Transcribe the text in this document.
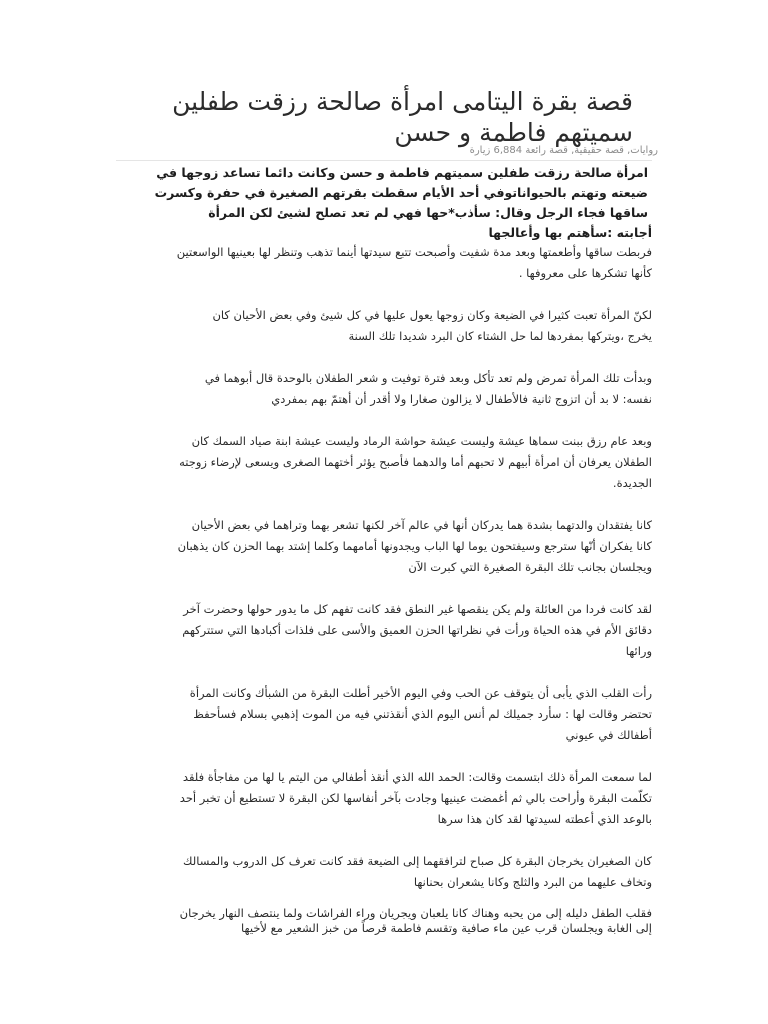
قصة بقرة اليتامى امرأة صالحة رزقت طفلين
سميتهم فاطمة و حسن
روايات, قصة حقيقية, قصة رائعة 6,884 زيارة
امرأة صالحة رزقت طفلين سميتهم فاطمة و حسن وكانت دائما تساعد زوجها في
ضيعته وتهتم بالحيواناتوفي أحد الأيام سقطت بقرتهم الصغيرة في حفرة وكسرت
ساقها فجاء الرجل وقال: سأذب*حها فهي لم تعد تصلح لشيئ لكن المرأة
أجابته :سأهتم بها وأعالجها
فربطت ساقها وأطعمتها وبعد مدة شفيت وأصبحت تتبع سيدتها أينما تذهب وتنظر لها بعينيها الواسعتين
كأنها تشكرها على معروفها .
لكنّ المرأة تعبت كثيرا في الضيعة وكان زوجها يعول عليها في كل شيئ وفي بعض الأحيان كان
يخرج ،ويتركها بمفردها لما حل الشتاء كان البرد شديدا تلك السنة
وبدأت تلك المرأة تمرض ولم تعد تأكل وبعد فترة توفيت و شعر الطفلان بالوحدة قال أبوهما في
نفسه: لا بد أن اتزوج ثانية فالأطفال لا يزالون صغارا ولا أقدر أن أهتمّ بهم بمفردي
وبعد عام رزق ببنت سماها عيشة وليست عيشة حواشة الرماد وليست عيشة ابنة صياد السمك كان
الطفلان يعرفان أن امرأة أبيهم لا تحبهم أما والدهما فأصبح يؤثر أختهما الصغرى ويسعى لإرضاء زوجته
الجديدة.
كانا يفتقدان والدتهما بشدة هما يدركان أنها في عالم آخر لكنها تشعر بهما وتراهما في بعض الأحيان
كانا يفكران أنّها سترجع وسيفتحون يوما لها الباب ويجدونها أمامهما وكلما إشتد بهما الحزن كان يذهبان
ويجلسان بجانب تلك البقرة الصغيرة التي كبرت الآن
لقد كانت فردا من العائلة ولم يكن ينقصها غير النطق فقد كانت تفهم كل ما يدور حولها وحضرت آخر
دقائق الأم في هذه الحياة ورأت في نظراتها الحزن العميق والأسى على فلذات أكبادها التي ستتركهم
ورائها
رأت القلب الذي يأبى أن يتوقف عن الحب وفي اليوم الأخير أطلت البقرة من الشبأك وكانت المرأة
تحتضر وقالت لها : سأرد جميلك لم أنس اليوم الذي أنقذتني فيه من الموت إذهبي بسلام فسأحفظ
أطفالك في عيوني
لما سمعت المرأة ذلك ابتسمت وقالت: الحمد الله الذي أنقذ أطفالي من اليتم يا لها من مفاجأة فلقد
تكلّمت البقرة وأراحت بالي ثم أغمضت عينيها وجادت بآخر أنفاسها لكن البقرة لا تستطيع أن تخبر أحد
بالوعد الذي أعطته لسيدتها لقد كان هذا سرها
كان الصغيران يخرجان البقرة كل صباح لترافقهما إلى الضيعة فقد كانت تعرف كل الدروب والمسالك
وتخاف عليهما من البرد والثلج وكانا يشعران بحنانها
فقلب الطفل دليله إلى من يحبه وهناك كانا يلعبان ويجريان وراء الفراشات ولما ينتصف النهار يخرجان
إلى الغابة ويجلسان قرب عين ماء صافية وتقسم فاطمة قرصاً من خبز الشعير مع لأخيها
